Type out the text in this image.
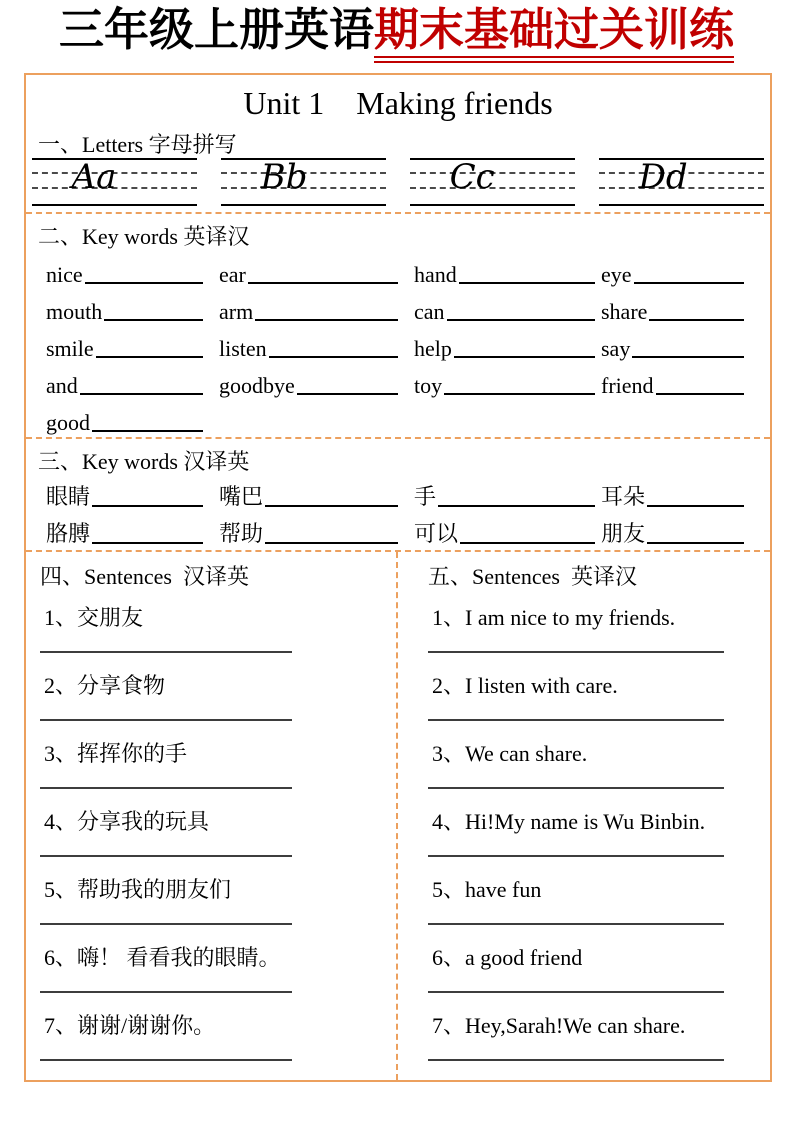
三年级上册英语期末基础过关训练
Unit 1    Making friends
一、Letters 字母拼写
Aa	Bb	Cc	Dd
二、Key words 英译汉
nice	ear	hand	eye
mouth	arm	can	share
smile	listen	help	say
and	goodbye	toy	friend
good
三、Key words 汉译英
眼睛	嘴巴	手	耳朵
胳膊	帮助	可以	朋友
四、Sentences  汉译英
1、交朋友
2、分享食物
3、挥挥你的手
4、分享我的玩具
5、帮助我的朋友们
6、嗨！ 看看我的眼睛。
7、谢谢/谢谢你。
五、Sentences  英译汉
1、I am nice to my friends.
2、I listen with care.
3、We can share.
4、Hi!My name is Wu Binbin.
5、have fun
6、a good friend
7、Hey,Sarah!We can share.
